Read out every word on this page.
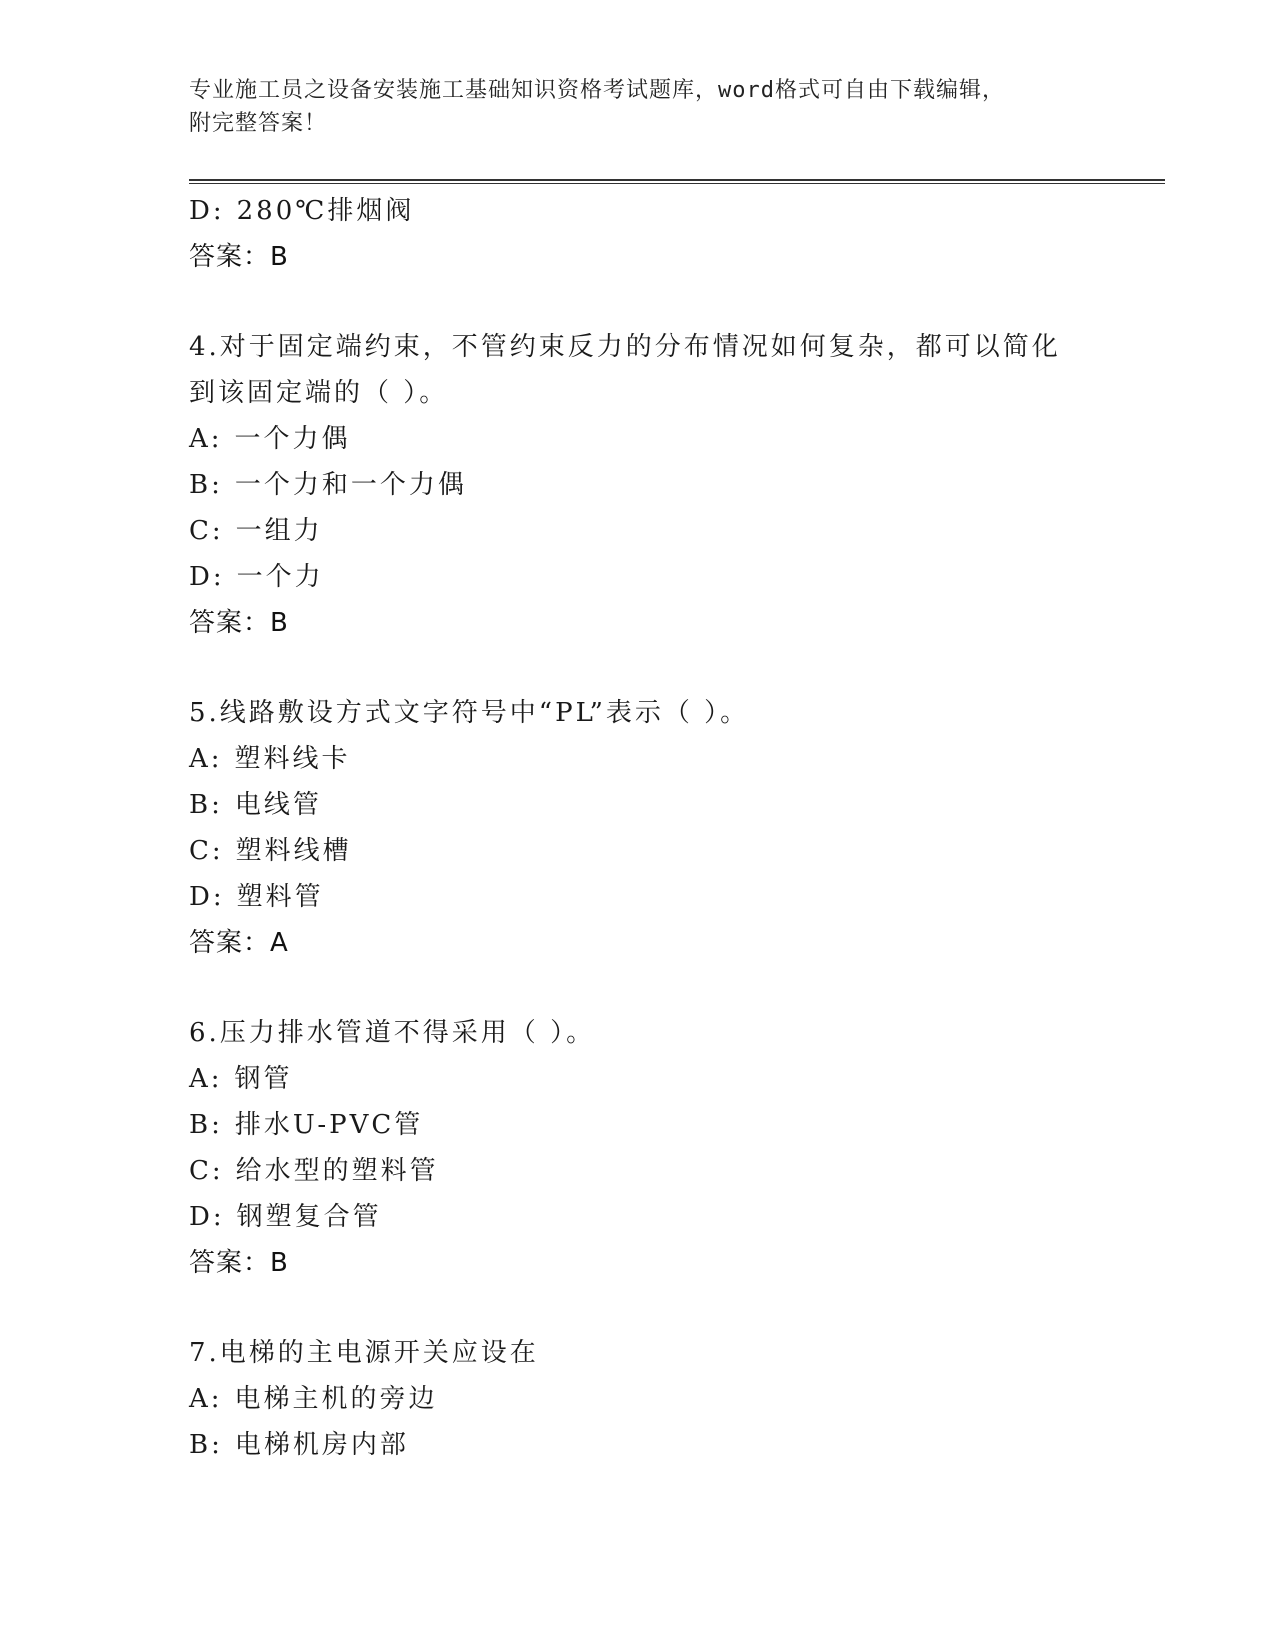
专业施工员之设备安装施工基础知识资格考试题库，word格式可自由下载编辑，
附完整答案！
D: 280℃排烟阀
答案：B
4.对于固定端约束，不管约束反力的分布情况如何复杂，都可以简化
到该固定端的（ ）。
A: 一个力偶
B: 一个力和一个力偶
C: 一组力
D: 一个力
答案：B
5.线路敷设方式文字符号中“PL”表示（ ）。
A: 塑料线卡
B: 电线管
C: 塑料线槽
D: 塑料管
答案：A
6.压力排水管道不得采用（ ）。
A: 钢管
B: 排水U-PVC管
C: 给水型的塑料管
D: 钢塑复合管
答案：B
7.电梯的主电源开关应设在
A: 电梯主机的旁边
B: 电梯机房内部
